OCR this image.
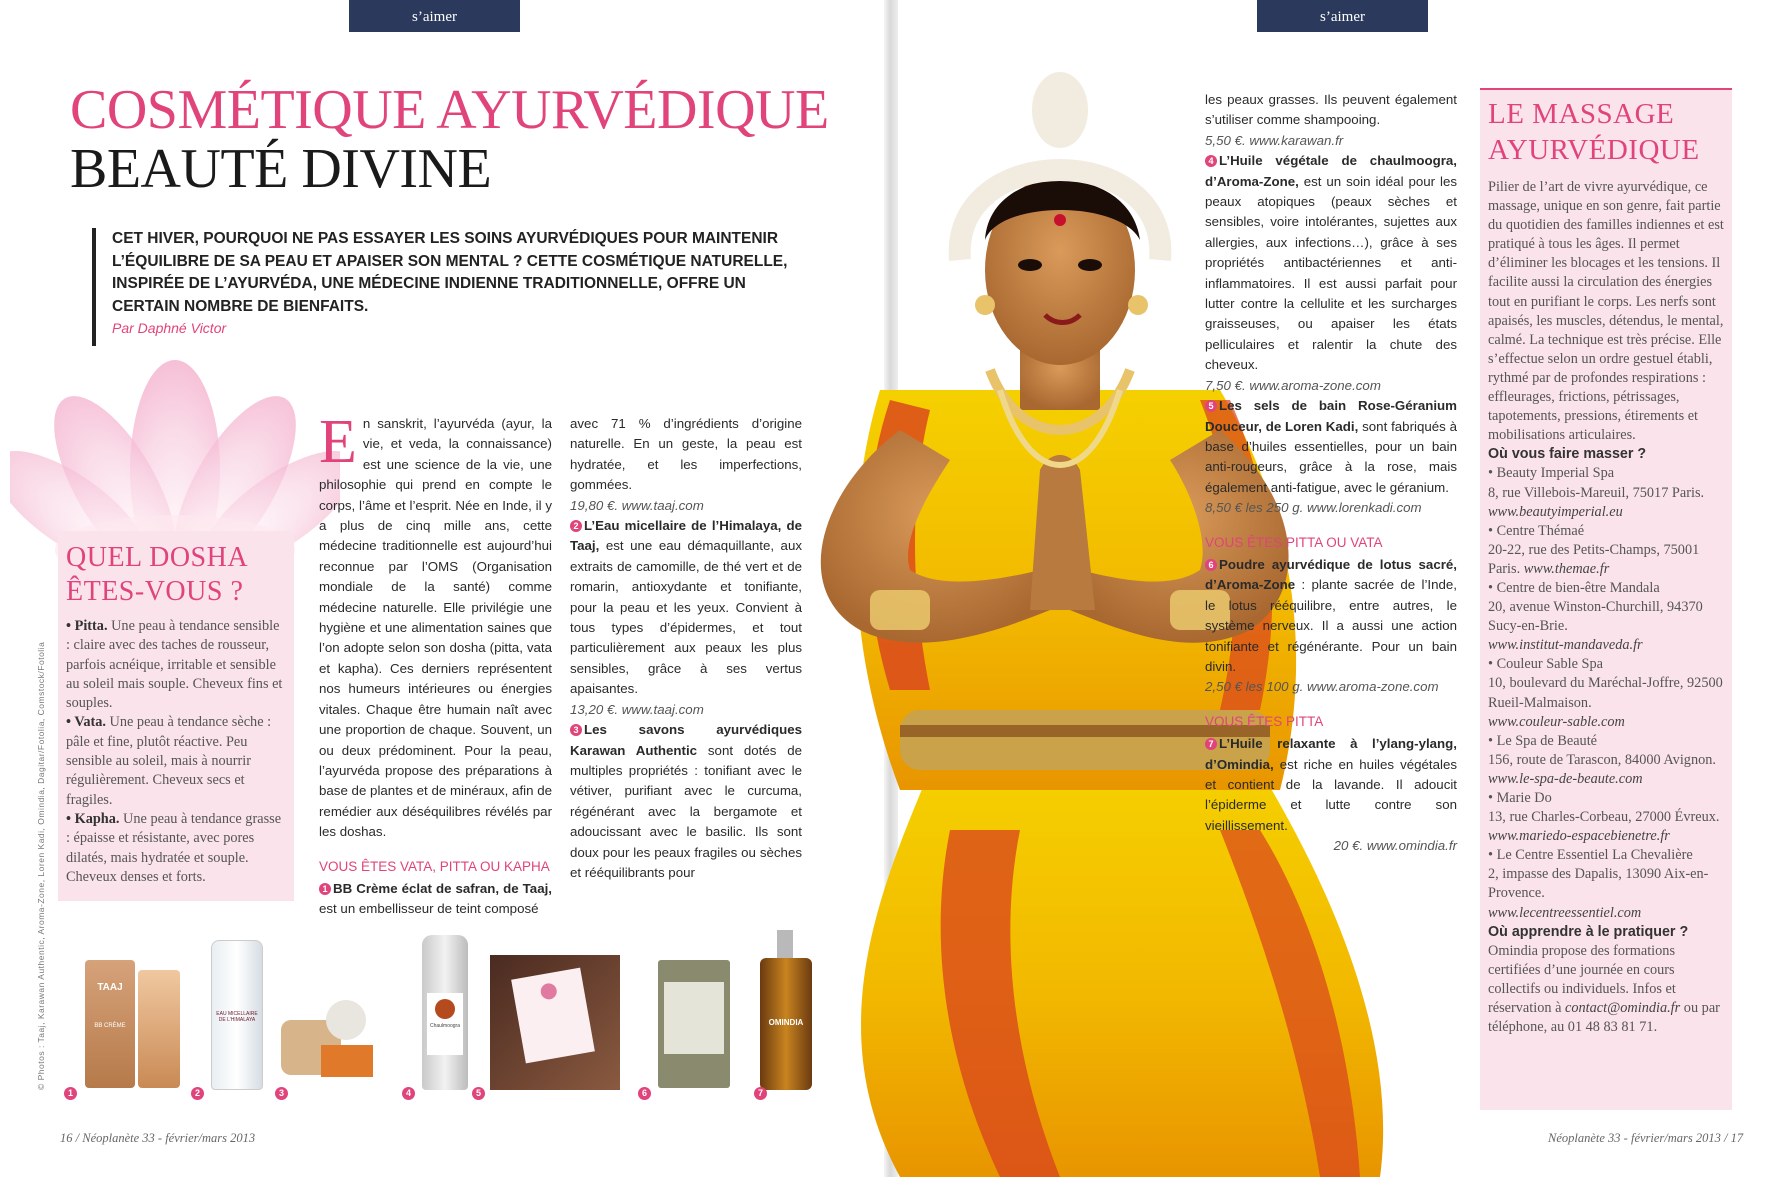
s’aimer	s’aimer
COSMÉTIQUE AYURVÉDIQUE
BEAUTÉ DIVINE

CET HIVER, POURQUOI NE PAS ESSAYER LES SOINS AYURVÉDIQUES POUR MAINTENIR L’ÉQUILIBRE DE SA PEAU ET APAISER SON MENTAL ? CETTE COSMÉTIQUE NATURELLE, INSPIRÉE DE L’AYURVÉDA, UNE MÉDECINE INDIENNE TRADITIONNELLE, OFFRE UN CERTAIN NOMBRE DE BIENFAITS.

Par Daphné Victor
QUEL DOSHA ÊTES-VOUS ?
• Pitta. Une peau à tendance sensible : claire avec des taches de rousseur, parfois acnéique, irritable et sensible au soleil mais souple. Cheveux fins et souples.
• Vata. Une peau à tendance sèche : pâle et fine, plutôt réactive. Peu sensible au soleil, mais à nourrir régulièrement. Cheveux secs et fragiles.
• Kapha. Une peau à tendance grasse : épaisse et résistante, avec pores dilatés, mais hydratée et souple. Cheveux denses et forts.
© Photos : Taaj, Karawan Authentic, Aroma-Zone, Loren Kadi, Omindia, Dagitar/Fotolia, Comstock/Fotolia

En sanskrit, l’ayurvéda (ayur, la vie, et veda, la connaissance) est une science de la vie, une philosophie qui prend en compte le corps, l’âme et l’esprit. Née en Inde, il y a plus de cinq mille ans, cette médecine traditionnelle est aujourd’hui reconnue par l’OMS (Organisation mondiale de la santé) comme médecine naturelle. Elle privilégie une hygiène et une alimentation saines que l’on adopte selon son dosha (pitta, vata et kapha). Ces derniers représentent nos humeurs intérieures ou énergies vitales. Chaque être humain naît avec une proportion de chaque. Souvent, un ou deux prédominent. Pour la peau, l’ayurvéda propose des préparations à base de plantes et de minéraux, afin de remédier aux déséquilibres révélés par les doshas.

VOUS ÊTES VATA, PITTA OU KAPHA

1 BB Crème éclat de safran, de Taaj, est un embellisseur de teint composé

avec 71 % d’ingrédients d’origine naturelle. En un geste, la peau est hydratée, et les imperfections, gommées.

19,80 €. www.taaj.com

2 L’Eau micellaire de l’Himalaya, de Taaj, est une eau démaquillante, aux extraits de camomille, de thé vert et de romarin, antioxydante et tonifiante, pour la peau et les yeux. Convient à tous types d’épidermes, et tout particulièrement aux peaux les plus sensibles, grâce à ses vertus apaisantes.

13,20 €. www.taaj.com

3 Les savons ayurvédiques Karawan Authentic sont dotés de multiples propriétés : tonifiant avec le vétiver, purifiant avec le curcuma, régénérant avec la bergamote et adoucissant avec le basilic. Ils sont doux pour les peaux fragiles ou sèches et rééquilibrants pour

les peaux grasses. Ils peuvent également s’utiliser comme shampooing.

5,50 €. www.karawan.fr

4 L’Huile végétale de chaulmoogra, d’Aroma-Zone, est un soin idéal pour les peaux atopiques (peaux sèches et sensibles, voire intolérantes, sujettes aux allergies, aux infections…), grâce à ses propriétés antibactériennes et anti-inflammatoires. Il est aussi parfait pour lutter contre la cellulite et les surcharges graisseuses, ou apaiser les états pelliculaires et ralentir la chute des cheveux.

7,50 €. www.aroma-zone.com

5 Les sels de bain Rose-Géranium Douceur, de Loren Kadi, sont fabriqués à base d’huiles essentielles, pour un bain anti-rougeurs, grâce à la rose, mais également anti-fatigue, avec le géranium.

8,50 € les 250 g. www.lorenkadi.com

VOUS ÊTES PITTA OU VATA

6 Poudre ayurvédique de lotus sacré, d’Aroma-Zone : plante sacrée de l’Inde, le lotus rééquilibre, entre autres, le système nerveux. Il a aussi une action tonifiante et régénérante. Pour un bain divin.

2,50 € les 100 g. www.aroma-zone.com

VOUS ÊTES PITTA

7 L’Huile relaxante à l’ylang-ylang, d’Omindia, est riche en huiles végétales et contient de la lavande. Il adoucit l’épiderme et lutte contre son vieillissement.

20 €. www.omindia.fr

LE MASSAGE AYURVÉDIQUE
Pilier de l’art de vivre ayurvédique, ce massage, unique en son genre, fait partie du quotidien des familles indiennes et est pratiqué à tous les âges. Il permet d’éliminer les blocages et les tensions. Il facilite aussi la circulation des énergies tout en purifiant le corps. Les nerfs sont apaisés, les muscles, détendus, le mental, calmé. La technique est très précise. Elle s’effectue selon un ordre gestuel établi, rythmé par de profondes respirations : effleurages, frictions, pétrissages, tapotements, pressions, étirements et mobilisations articulaires.
Où vous faire masser ?
• Beauty Imperial Spa
8, rue Villebois-Mareuil, 75017 Paris.
www.beautyimperial.eu
• Centre Thémaé
20-22, rue des Petits-Champs, 75001 Paris. www.themae.fr
• Centre de bien-être Mandala
20, avenue Winston-Churchill, 94370 Sucy-en-Brie.
www.institut-mandaveda.fr
• Couleur Sable Spa
10, boulevard du Maréchal-Joffre, 92500 Rueil-Malmaison.
www.couleur-sable.com
• Le Spa de Beauté
156, route de Tarascon, 84000 Avignon.
www.le-spa-de-beaute.com
• Marie Do
13, rue Charles-Corbeau, 27000 Évreux.
www.mariedo-espacebienetre.fr
• Le Centre Essentiel La Chevalière
2, impasse des Dapalis, 13090 Aix-en-Provence.
www.lecentreessentiel.com
Où apprendre à le pratiquer ?
Omindia propose des formations certifiées d’une journée en cours collectifs ou individuels. Infos et réservation à contact@omindia.fr ou par téléphone, au 01 48 83 81 71.
TAAJ
BB CRÈME
1
EAU MICELLAIRE DE L’HIMALAYA
2	3
Chaulmoogra
4	5	6
OMINDIA
7
16 / Néoplanète 33 - février/mars 2013	Néoplanète 33 - février/mars 2013 / 17
